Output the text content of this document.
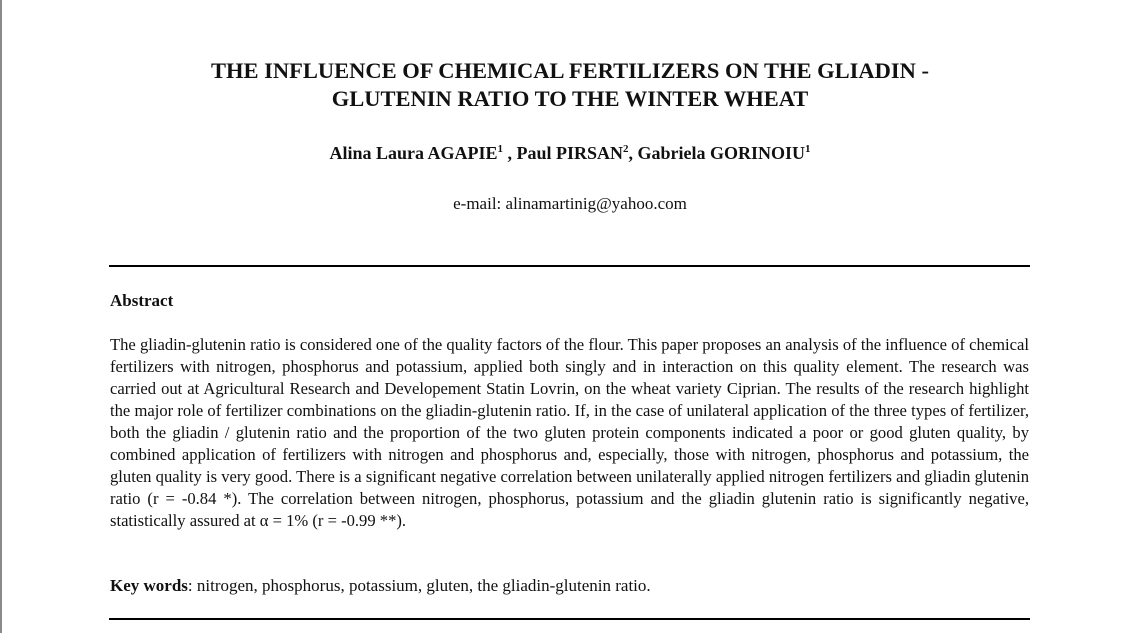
THE INFLUENCE OF CHEMICAL FERTILIZERS ON THE GLIADIN -
GLUTENIN RATIO TO THE WINTER WHEAT
Alina Laura AGAPIE$^1$ , Paul PIRSAN$^2$, Gabriela GORINOIU$^1$
e-mail: alinamartinig@yahoo.com
Abstract

The gliadin-glutenin ratio is considered one of the quality factors of the flour. This paper proposes an analysis of the influence of chemical fertilizers with nitrogen, phosphorus and potassium, applied both singly and in interaction on this quality element. The research was carried out at Agricultural Research and Developement Statin Lovrin, on the wheat variety Ciprian. The results of the research highlight the major role of fertilizer combinations on the gliadin-glutenin ratio. If, in the case of unilateral application of the three types of fertilizer, both the gliadin / glutenin ratio and the proportion of the two gluten protein components indicated a poor or good gluten quality, by combined application of fertilizers with nitrogen and phosphorus and, especially, those with nitrogen, phosphorus and potassium, the gluten quality is very good. There is a significant negative correlation between unilaterally applied nitrogen fertilizers and gliadin glutenin ratio (r = -0.84 *). The correlation between nitrogen, phosphorus, potassium and the gliadin glutenin ratio is significantly negative, statistically assured at α = 1% (r = -0.99 **).

Key words: nitrogen, phosphorus, potassium, gluten, the gliadin-glutenin ratio.
